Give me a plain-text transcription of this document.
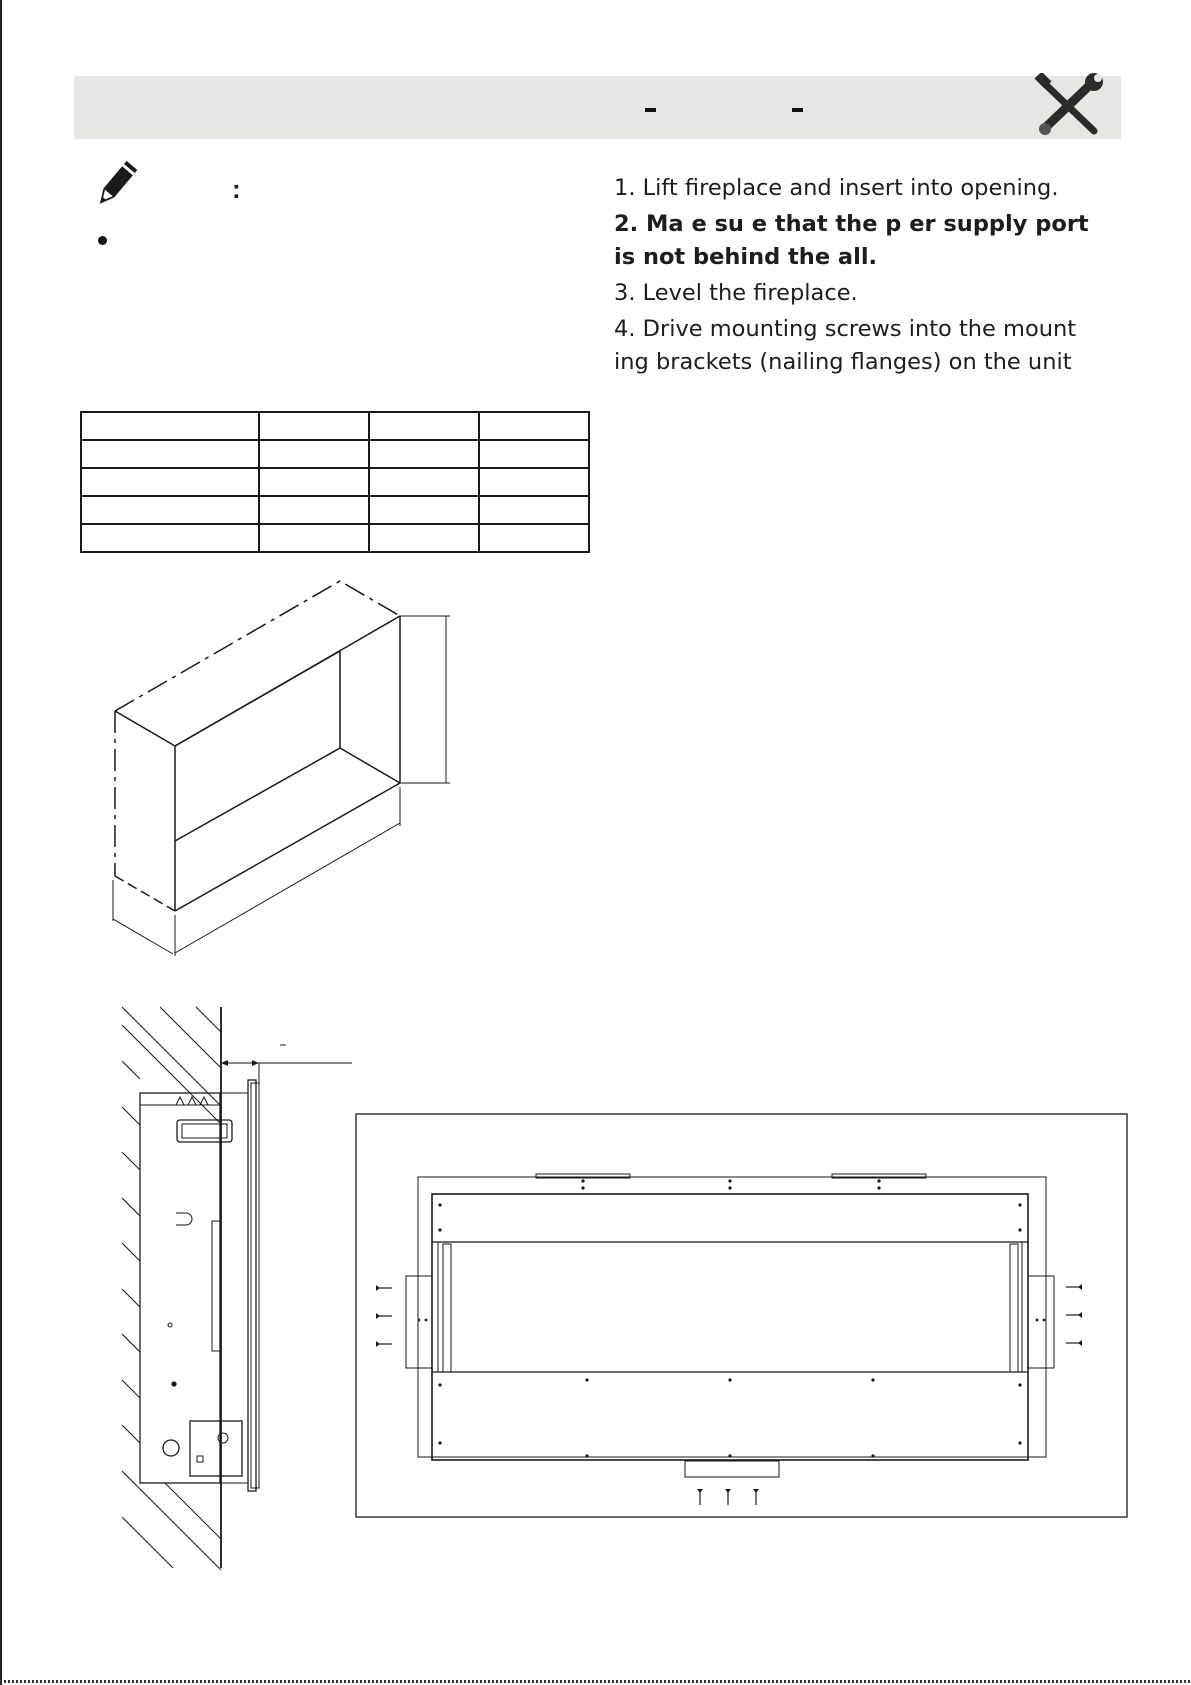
:	1. Lift fireplace and insert into opening.

2. Ma e su e that the p er supply port is not behind the all.

3. Level the fireplace.

4. Drive mounting screws into the mount ing brackets (nailing flanges) on the unit
